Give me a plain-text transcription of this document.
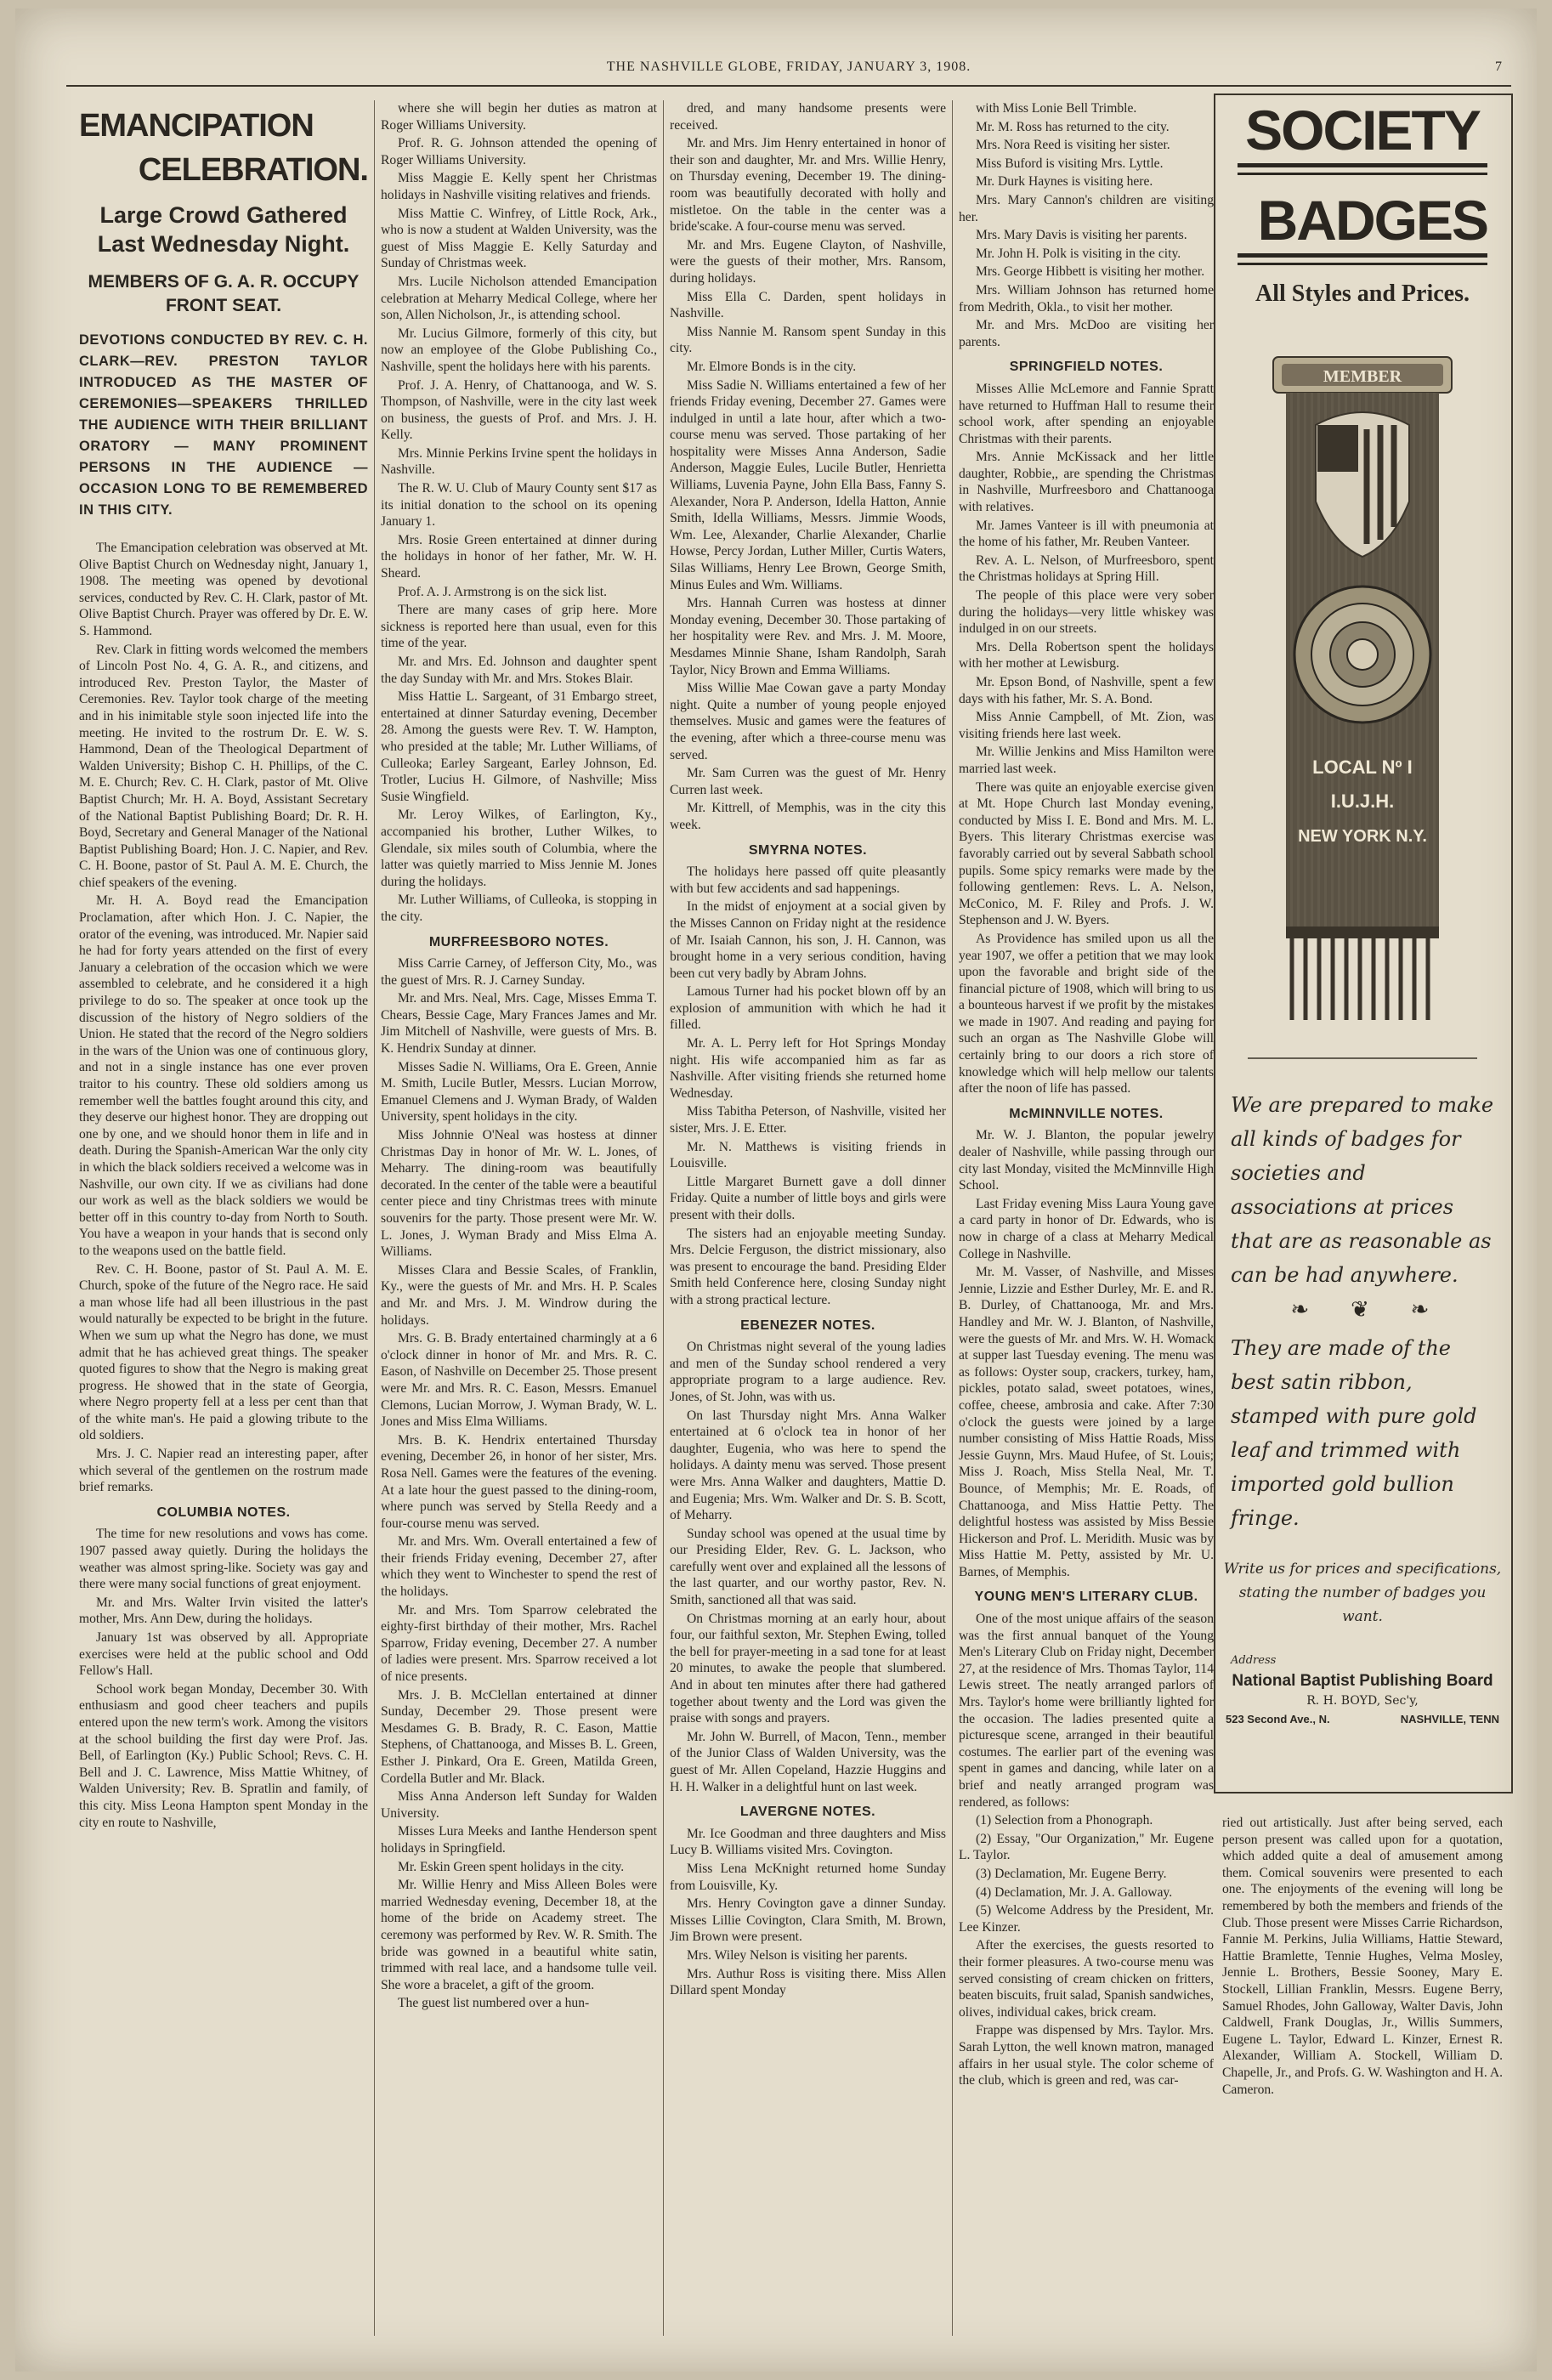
THE NASHVILLE GLOBE, FRIDAY, JANUARY 3, 1908.	7
EMANCIPATION
CELEBRATION.
Large Crowd Gathered Last Wednesday Night.
MEMBERS OF G. A. R. OCCUPY FRONT SEAT.
DEVOTIONS CONDUCTED BY REV. C. H. CLARK—REV. PRESTON TAYLOR INTRODUCED AS THE MASTER OF CEREMONIES—SPEAKERS THRILLED THE AUDIENCE WITH THEIR BRILLIANT ORATORY — MANY PROMINENT PERSONS IN THE AUDIENCE —OCCASION LONG TO BE REMEMBERED IN THIS CITY.

The Emancipation celebration was observed at Mt. Olive Baptist Church on Wednesday night, January 1, 1908. The meeting was opened by devotional services, conducted by Rev. C. H. Clark, pastor of Mt. Olive Baptist Church. Prayer was offered by Dr. E. W. S. Hammond.

Rev. Clark in fitting words welcomed the members of Lincoln Post No. 4, G. A. R., and citizens, and introduced Rev. Preston Taylor, the Master of Ceremonies. Rev. Taylor took charge of the meeting and in his inimitable style soon injected life into the meeting. He invited to the rostrum Dr. E. W. S. Hammond, Dean of the Theological Department of Walden University; Bishop C. H. Phillips, of the C. M. E. Church; Rev. C. H. Clark, pastor of Mt. Olive Baptist Church; Mr. H. A. Boyd, Assistant Secretary of the National Baptist Publishing Board; Dr. R. H. Boyd, Secretary and General Manager of the National Baptist Publishing Board; Hon. J. C. Napier, and Rev. C. H. Boone, pastor of St. Paul A. M. E. Church, the chief speakers of the evening.

Mr. H. A. Boyd read the Emancipation Proclamation, after which Hon. J. C. Napier, the orator of the evening, was introduced. Mr. Napier said he had for forty years attended on the first of every January a celebration of the occasion which we were assembled to celebrate, and he considered it a high privilege to do so. The speaker at once took up the discussion of the history of Negro soldiers of the Union. He stated that the record of the Negro soldiers in the wars of the Union was one of continuous glory, and not in a single instance has one ever proven traitor to his country. These old soldiers among us remember well the battles fought around this city, and they deserve our highest honor. They are dropping out one by one, and we should honor them in life and in death. During the Spanish-American War the only city in which the black soldiers received a welcome was in Nashville, our own city. If we as civilians had done our work as well as the black soldiers we would be better off in this country to-day from North to South. You have a weapon in your hands that is second only to the weapons used on the battle field.

Rev. C. H. Boone, pastor of St. Paul A. M. E. Church, spoke of the future of the Negro race. He said a man whose life had all been illustrious in the past would naturally be expected to be bright in the future. When we sum up what the Negro has done, we must admit that he has achieved great things. The speaker quoted figures to show that the Negro is making great progress. He showed that in the state of Georgia, where Negro property fell at a less per cent than that of the white man's. He paid a glowing tribute to the old soldiers.

Mrs. J. C. Napier read an interesting paper, after which several of the gentlemen on the rostrum made brief remarks.

COLUMBIA NOTES.

The time for new resolutions and vows has come. 1907 passed away quietly. During the holidays the weather was almost spring-like. Society was gay and there were many social functions of great enjoyment.

Mr. and Mrs. Walter Irvin visited the latter's mother, Mrs. Ann Dew, during the holidays.

January 1st was observed by all. Appropriate exercises were held at the public school and Odd Fellow's Hall.

School work began Monday, December 30. With enthusiasm and good cheer teachers and pupils entered upon the new term's work. Among the visitors at the school building the first day were Prof. Jas. Bell, of Earlington (Ky.) Public School; Revs. C. H. Bell and J. C. Lawrence, Miss Mattie Whitney, of Walden University; Rev. B. Spratlin and family, of this city. Miss Leona Hampton spent Monday in the city en route to Nashville,

where she will begin her duties as matron at Roger Williams University.

Prof. R. G. Johnson attended the opening of Roger Williams University.

Miss Maggie E. Kelly spent her Christmas holidays in Nashville visiting relatives and friends.

Miss Mattie C. Winfrey, of Little Rock, Ark., who is now a student at Walden University, was the guest of Miss Maggie E. Kelly Saturday and Sunday of Christmas week.

Mrs. Lucile Nicholson attended Emancipation celebration at Meharry Medical College, where her son, Allen Nicholson, Jr., is attending school.

Mr. Lucius Gilmore, formerly of this city, but now an employee of the Globe Publishing Co., Nashville, spent the holidays here with his parents.

Prof. J. A. Henry, of Chattanooga, and W. S. Thompson, of Nashville, were in the city last week on business, the guests of Prof. and Mrs. J. H. Kelly.

Mrs. Minnie Perkins Irvine spent the holidays in Nashville.

The R. W. U. Club of Maury County sent $17 as its initial donation to the school on its opening January 1.

Mrs. Rosie Green entertained at dinner during the holidays in honor of her father, Mr. W. H. Sheard.

Prof. A. J. Armstrong is on the sick list.

There are many cases of grip here. More sickness is reported here than usual, even for this time of the year.

Mr. and Mrs. Ed. Johnson and daughter spent the day Sunday with Mr. and Mrs. Stokes Blair.

Miss Hattie L. Sargeant, of 31 Embargo street, entertained at dinner Saturday evening, December 28. Among the guests were Rev. T. W. Hampton, who presided at the table; Mr. Luther Williams, of Culleoka; Earley Sargeant, Earley Johnson, Ed. Trotler, Lucius H. Gilmore, of Nashville; Miss Susie Wingfield.

Mr. Leroy Wilkes, of Earlington, Ky., accompanied his brother, Luther Wilkes, to Glendale, six miles south of Columbia, where the latter was quietly married to Miss Jennie M. Jones during the holidays.

Mr. Luther Williams, of Culleoka, is stopping in the city.

MURFREESBORO NOTES.

Miss Carrie Carney, of Jefferson City, Mo., was the guest of Mrs. R. J. Carney Sunday.

Mr. and Mrs. Neal, Mrs. Cage, Misses Emma T. Chears, Bessie Cage, Mary Frances James and Mr. Jim Mitchell of Nashville, were guests of Mrs. B. K. Hendrix Sunday at dinner.

Misses Sadie N. Williams, Ora E. Green, Annie M. Smith, Lucile Butler, Messrs. Lucian Morrow, Emanuel Clemens and J. Wyman Brady, of Walden University, spent holidays in the city.

Miss Johnnie O'Neal was hostess at dinner Christmas Day in honor of Mr. W. L. Jones, of Meharry. The dining-room was beautifully decorated. In the center of the table were a beautiful center piece and tiny Christmas trees with minute souvenirs for the party. Those present were Mr. W. L. Jones, J. Wyman Brady and Miss Elma A. Williams.

Misses Clara and Bessie Scales, of Franklin, Ky., were the guests of Mr. and Mrs. H. P. Scales and Mr. and Mrs. J. M. Windrow during the holidays.

Mrs. G. B. Brady entertained charmingly at a 6 o'clock dinner in honor of Mr. and Mrs. R. C. Eason, of Nashville on December 25. Those present were Mr. and Mrs. R. C. Eason, Messrs. Emanuel Clemons, Lucian Morrow, J. Wyman Brady, W. L. Jones and Miss Elma Williams.

Mrs. B. K. Hendrix entertained Thursday evening, December 26, in honor of her sister, Mrs. Rosa Nell. Games were the features of the evening. At a late hour the guest passed to the dining-room, where punch was served by Stella Reedy and a four-course menu was served.

Mr. and Mrs. Wm. Overall entertained a few of their friends Friday evening, December 27, after which they went to Winchester to spend the rest of the holidays.

Mr. and Mrs. Tom Sparrow celebrated the eighty-first birthday of their mother, Mrs. Rachel Sparrow, Friday evening, December 27. A number of ladies were present. Mrs. Sparrow received a lot of nice presents.

Mrs. J. B. McClellan entertained at dinner Sunday, December 29. Those present were Mesdames G. B. Brady, R. C. Eason, Mattie Stephens, of Chattanooga, and Misses B. L. Green, Esther J. Pinkard, Ora E. Green, Matilda Green, Cordella Butler and Mr. Black.

Miss Anna Anderson left Sunday for Walden University.

Misses Lura Meeks and Ianthe Henderson spent holidays in Springfield.

Mr. Eskin Green spent holidays in the city.

Mr. Willie Henry and Miss Alleen Boles were married Wednesday evening, December 18, at the home of the bride on Academy street. The ceremony was performed by Rev. W. R. Smith. The bride was gowned in a beautiful white satin, trimmed with real lace, and a handsome tulle veil. She wore a bracelet, a gift of the groom.

The guest list numbered over a hun-

dred, and many handsome presents were received.

Mr. and Mrs. Jim Henry entertained in honor of their son and daughter, Mr. and Mrs. Willie Henry, on Thursday evening, December 19. The dining-room was beautifully decorated with holly and mistletoe. On the table in the center was a bride'scake. A four-course menu was served.

Mr. and Mrs. Eugene Clayton, of Nashville, were the guests of their mother, Mrs. Ransom, during holidays.

Miss Ella C. Darden, spent holidays in Nashville.

Miss Nannie M. Ransom spent Sunday in this city.

Mr. Elmore Bonds is in the city.

Miss Sadie N. Williams entertained a few of her friends Friday evening, December 27. Games were indulged in until a late hour, after which a two-course menu was served. Those partaking of her hospitality were Misses Anna Anderson, Sadie Anderson, Maggie Eules, Lucile Butler, Henrietta Williams, Luvenia Payne, John Ella Bass, Fanny S. Alexander, Nora P. Anderson, Idella Hatton, Annie Smith, Idella Williams, Messrs. Jimmie Woods, Wm. Lee, Alexander, Charlie Alexander, Charlie Howse, Percy Jordan, Luther Miller, Curtis Waters, Silas Williams, Henry Lee Brown, George Smith, Minus Eules and Wm. Williams.

Mrs. Hannah Curren was hostess at dinner Monday evening, December 30. Those partaking of her hospitality were Rev. and Mrs. J. M. Moore, Mesdames Minnie Shane, Isham Randolph, Sarah Taylor, Nicy Brown and Emma Williams.

Miss Willie Mae Cowan gave a party Monday night. Quite a number of young people enjoyed themselves. Music and games were the features of the evening, after which a three-course menu was served.

Mr. Sam Curren was the guest of Mr. Henry Curren last week.

Mr. Kittrell, of Memphis, was in the city this week.

SMYRNA NOTES.

The holidays here passed off quite pleasantly with but few accidents and sad happenings.

In the midst of enjoyment at a social given by the Misses Cannon on Friday night at the residence of Mr. Isaiah Cannon, his son, J. H. Cannon, was brought home in a very serious condition, having been cut very badly by Abram Johns.

Lamous Turner had his pocket blown off by an explosion of ammunition with which he had it filled.

Mr. A. L. Perry left for Hot Springs Monday night. His wife accompanied him as far as Nashville. After visiting friends she returned home Wednesday.

Miss Tabitha Peterson, of Nashville, visited her sister, Mrs. J. E. Etter.

Mr. N. Matthews is visiting friends in Louisville.

Little Margaret Burnett gave a doll dinner Friday. Quite a number of little boys and girls were present with their dolls.

The sisters had an enjoyable meeting Sunday. Mrs. Delcie Ferguson, the district missionary, also was present to encourage the band. Presiding Elder Smith held Conference here, closing Sunday night with a strong practical lecture.

EBENEZER NOTES.

On Christmas night several of the young ladies and men of the Sunday school rendered a very appropriate program to a large audience. Rev. Jones, of St. John, was with us.

On last Thursday night Mrs. Anna Walker entertained at 6 o'clock tea in honor of her daughter, Eugenia, who was here to spend the holidays. A dainty menu was served. Those present were Mrs. Anna Walker and daughters, Mattie D. and Eugenia; Mrs. Wm. Walker and Dr. S. B. Scott, of Meharry.

Sunday school was opened at the usual time by our Presiding Elder, Rev. G. L. Jackson, who carefully went over and explained all the lessons of the last quarter, and our worthy pastor, Rev. N. Smith, sanctioned all that was said.

On Christmas morning at an early hour, about four, our faithful sexton, Mr. Stephen Ewing, tolled the bell for prayer-meeting in a sad tone for at least 20 minutes, to awake the people that slumbered. And in about ten minutes after there had gathered together about twenty and the Lord was given the praise with songs and prayers.

Mr. John W. Burrell, of Macon, Tenn., member of the Junior Class of Walden University, was the guest of Mr. Allen Copeland, Hazzie Huggins and H. H. Walker in a delightful hunt on last week.

LAVERGNE NOTES.

Mr. Ice Goodman and three daughters and Miss Lucy B. Williams visited Mrs. Covington.

Miss Lena McKnight returned home Sunday from Louisville, Ky.

Mrs. Henry Covington gave a dinner Sunday. Misses Lillie Covington, Clara Smith, M. Brown, Jim Brown were present.

Mrs. Wiley Nelson is visiting her parents.

Mrs. Authur Ross is visiting there. Miss Allen Dillard spent Monday

with Miss Lonie Bell Trimble.

Mr. M. Ross has returned to the city.

Mrs. Nora Reed is visiting her sister.

Miss Buford is visiting Mrs. Lyttle.

Mr. Durk Haynes is visiting here.

Mrs. Mary Cannon's children are visiting her.

Mrs. Mary Davis is visiting her parents.

Mr. John H. Polk is visiting in the city.

Mrs. George Hibbett is visiting her mother.

Mrs. William Johnson has returned home from Medrith, Okla., to visit her mother.

Mr. and Mrs. McDoo are visiting her parents.

SPRINGFIELD NOTES.

Misses Allie McLemore and Fannie Spratt have returned to Huffman Hall to resume their school work, after spending an enjoyable Christmas with their parents.

Mrs. Annie McKissack and her little daughter, Robbie,, are spending the Christmas in Nashville, Murfreesboro and Chattanooga with relatives.

Mr. James Vanteer is ill with pneumonia at the home of his father, Mr. Reuben Vanteer.

Rev. A. L. Nelson, of Murfreesboro, spent the Christmas holidays at Spring Hill.

The people of this place were very sober during the holidays—very little whiskey was indulged in on our streets.

Mrs. Della Robertson spent the holidays with her mother at Lewisburg.

Mr. Epson Bond, of Nashville, spent a few days with his father, Mr. S. A. Bond.

Miss Annie Campbell, of Mt. Zion, was visiting friends here last week.

Mr. Willie Jenkins and Miss Hamilton were married last week.

There was quite an enjoyable exercise given at Mt. Hope Church last Monday evening, conducted by Miss I. E. Bond and Mrs. M. L. Byers. This literary Christmas exercise was favorably carried out by several Sabbath school pupils. Some spicy remarks were made by the following gentlemen: Revs. L. A. Nelson, McConico, M. F. Riley and Profs. J. W. Stephenson and J. W. Byers.

As Providence has smiled upon us all the year 1907, we offer a petition that we may look upon the favorable and bright side of the financial picture of 1908, which will bring to us a bounteous harvest if we profit by the mistakes we made in 1907. And reading and paying for such an organ as The Nashville Globe will certainly bring to our doors a rich store of knowledge which will help mellow our talents after the noon of life has passed.

McMINNVILLE NOTES.

Mr. W. J. Blanton, the popular jewelry dealer of Nashville, while passing through our city last Monday, visited the McMinnville High School.

Last Friday evening Miss Laura Young gave a card party in honor of Dr. Edwards, who is now in charge of a class at Meharry Medical College in Nashville.

Mr. M. Vasser, of Nashville, and Misses Jennie, Lizzie and Esther Durley, Mr. E. and R. B. Durley, of Chattanooga, Mr. and Mrs. Handley and Mr. W. J. Blanton, of Nashville, were the guests of Mr. and Mrs. W. H. Womack at supper last Tuesday evening. The menu was as follows: Oyster soup, crackers, turkey, ham, pickles, potato salad, sweet potatoes, wines, coffee, cheese, ambrosia and cake. After 7:30 o'clock the guests were joined by a large number consisting of Miss Hattie Roads, Miss Jessie Guynn, Mrs. Maud Hufee, of St. Louis; Miss J. Roach, Miss Stella Neal, Mr. T. Bounce, of Memphis; Mr. E. Roads, of Chattanooga, and Miss Hattie Petty. The delightful hostess was assisted by Miss Bessie Hickerson and Prof. L. Meridith. Music was by Miss Hattie M. Petty, assisted by Mr. U. Barnes, of Memphis.

YOUNG MEN'S LITERARY CLUB.

One of the most unique affairs of the season was the first annual banquet of the Young Men's Literary Club on Friday night, December 27, at the residence of Mrs. Thomas Taylor, 114 Lewis street. The neatly arranged parlors of Mrs. Taylor's home were brilliantly lighted for the occasion. The ladies presented quite a picturesque scene, arranged in their beautiful costumes. The earlier part of the evening was spent in games and dancing, while later on a brief and neatly arranged program was rendered, as follows:

(1) Selection from a Phonograph.

(2) Essay, "Our Organization," Mr. Eugene L. Taylor.

(3) Declamation, Mr. Eugene Berry.

(4) Declamation, Mr. J. A. Galloway.

(5) Welcome Address by the President, Mr. Lee Kinzer.

After the exercises, the guests resorted to their former pleasures. A two-course menu was served consisting of cream chicken on fritters, beaten biscuits, fruit salad, Spanish sandwiches, olives, individual cakes, brick cream.

Frappe was dispensed by Mrs. Taylor. Mrs. Sarah Lytton, the well known matron, managed affairs in her usual style. The color scheme of the club, which is green and red, was car-

SOCIETY
BADGES
All Styles and Prices.
MEMBER
LOCAL Nº I
I.U.J.H.
NEW YORK N.Y.
We are prepared to make all kinds of badges for societies and associations at prices that are as reasonable as can be had anywhere.
❧   ❦   ❧
They are made of the best satin ribbon, stamped with pure gold leaf and trimmed with imported gold bullion fringe.
Write us for prices and specifications, stating the number of badges you want.
Address
National Baptist Publishing Board
R. H. BOYD, Sec'y,
523 Second Ave., N.	NASHVILLE, TENN

ried out artistically. Just after being served, each person present was called upon for a quotation, which added quite a deal of amusement among them. Comical souvenirs were presented to each one. The enjoyments of the evening will long be remembered by both the members and friends of the Club. Those present were Misses Carrie Richardson, Fannie M. Perkins, Julia Williams, Hattie Steward, Hattie Bramlette, Tennie Hughes, Velma Mosley, Jennie L. Brothers, Bessie Sooney, Mary E. Stockell, Lillian Franklin, Messrs. Eugene Berry, Samuel Rhodes, John Galloway, Walter Davis, John Caldwell, Frank Douglas, Jr., Willis Summers, Eugene L. Taylor, Edward L. Kinzer, Ernest R. Alexander, William A. Stockell, William D. Chapelle, Jr., and Profs. G. W. Washington and H. A. Cameron.
